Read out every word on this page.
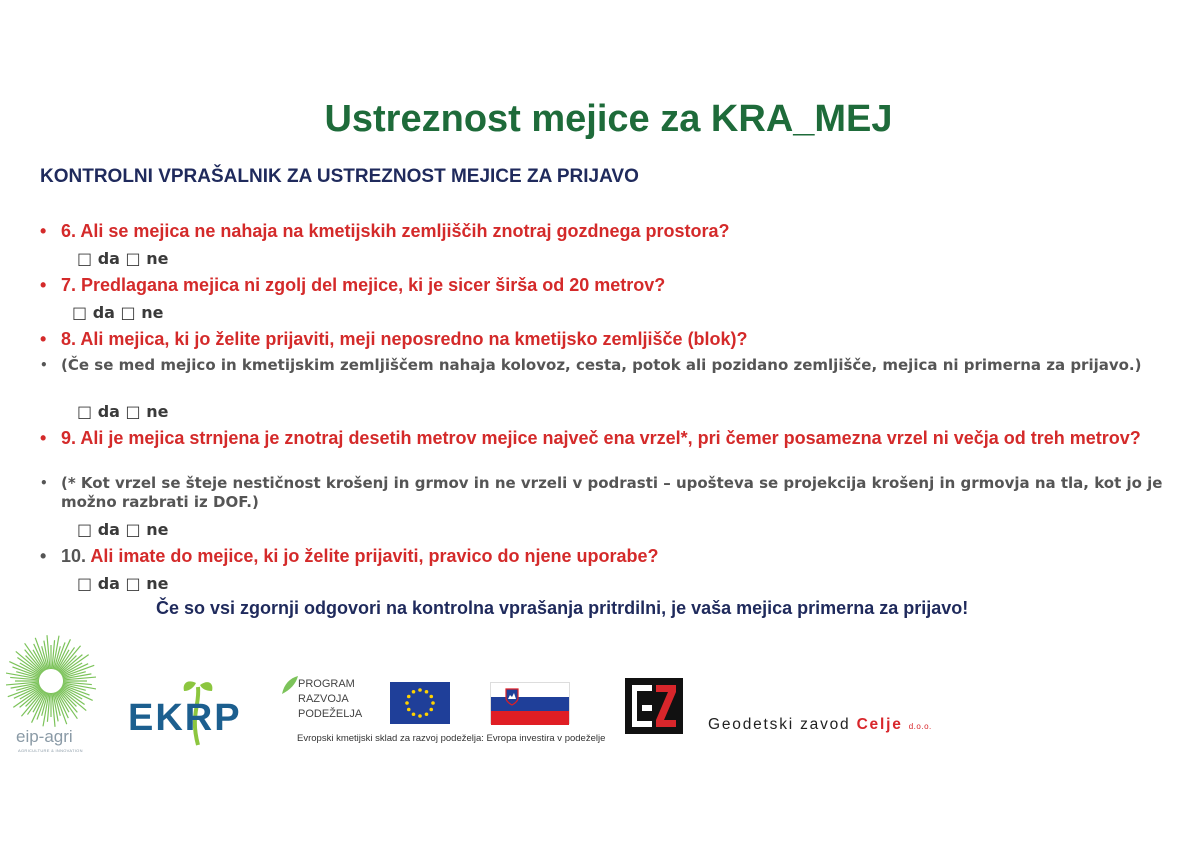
Ustreznost mejice za KRA_MEJ
KONTROLNI VPRAŠALNIK ZA USTREZNOST MEJICE ZA PRIJAVO
• 6. Ali se mejica ne nahaja na kmetijskih zemljiščih znotraj gozdnega prostora?
□ da □ ne
• 7. Predlagana mejica ni zgolj del mejice, ki je sicer širša od 20 metrov?
□ da □ ne
• 8. Ali mejica, ki jo želite prijaviti, meji neposredno na kmetijsko zemljišče (blok)?
• (Če se med mejico in kmetijskim zemljiščem nahaja kolovoz, cesta, potok ali pozidano zemljišče, mejica ni primerna za prijavo.)
□ da □ ne
• 9. Ali je mejica strnjena je znotraj desetih metrov mejice največ ena vrzel*, pri čemer posamezna vrzel ni večja od treh metrov?
• (* Kot vrzel se šteje nestičnost krošenj in grmov in ne vrzeli v podrasti – upošteva se projekcija krošenj in grmovja na tla, kot jo je možno razbrati iz DOF.)
□ da □ ne
• 10. Ali imate do mejice, ki jo želite prijaviti, pravico do njene uporabe?
□ da □ ne
Če so vsi zgornji odgovori na kontrolna vprašanja pritrdilni, je vaša mejica primerna za prijavo!
eip-agri
AGRICULTURE & INNOVATION
EKRP
PROGRAM
RAZVOJA
PODEŽELJA
Evropski kmetijski sklad za razvoj podeželja: Evropa investira v podeželje
Geodetski zavod Celje d.o.o.
